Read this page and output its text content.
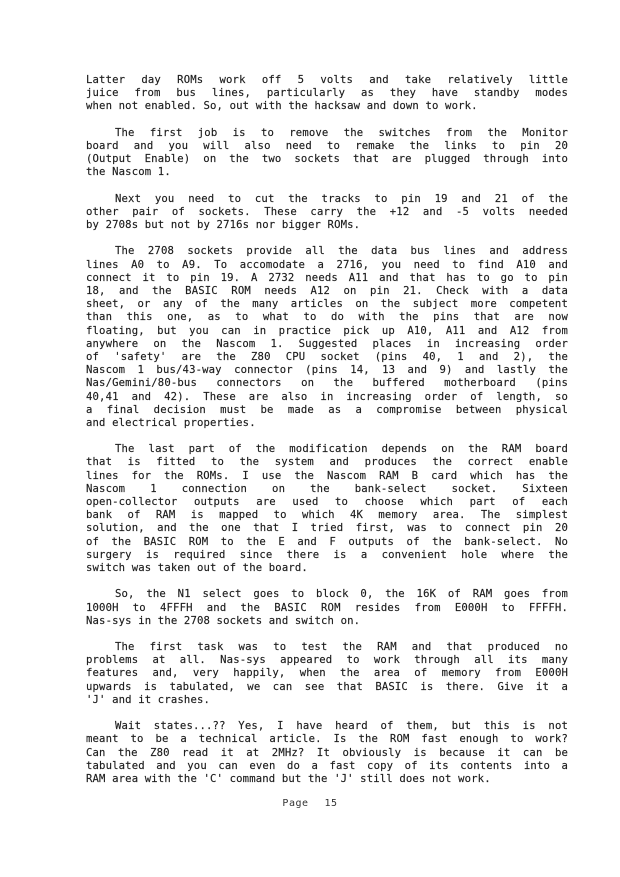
Latter day ROMs work off 5 volts and take relatively little
juice from bus lines, particularly as they have standby modes
when not enabled. So, out with the hacksaw and down to work.
The first job is to remove the switches from the Monitor
board and you will also need to remake the links to pin 20
(Output Enable) on the two sockets that are plugged through into
the Nascom 1.
Next you need to cut the tracks to pin 19 and 21 of the
other pair of sockets. These carry the +12 and -5 volts needed
by 2708s but not by 2716s nor bigger ROMs.
The 2708 sockets provide all the data bus lines and address
lines A0 to A9. To accomodate a 2716, you need to find A10 and
connect it to pin 19. A 2732 needs A11 and that has to go to pin
18, and the BASIC ROM needs A12 on pin 21. Check with a data
sheet, or any of the many articles on the subject more competent
than this one, as to what to do with the pins that are now
floating, but you can in practice pick up A10, A11 and A12 from
anywhere on the Nascom 1. Suggested places in increasing order
of 'safety' are the Z80 CPU socket (pins 40, 1 and 2), the
Nascom 1 bus/43-way connector (pins 14, 13 and 9) and lastly the
Nas/Gemini/80-bus connectors on the buffered motherboard (pins
40,41 and 42). These are also in increasing order of length, so
a final decision must be made as a compromise between physical
and electrical properties.
The last part of the modification depends on the RAM board
that is fitted to the system and produces the correct enable
lines for the ROMs. I use the Nascom RAM B card which has the
Nascom 1 connection on the bank-select socket. Sixteen
open-collector outputs are used to choose which part of each
bank of RAM is mapped to which 4K memory area. The simplest
solution, and the one that I tried first, was to connect pin 20
of the BASIC ROM to the E and F outputs of the bank-select. No
surgery is required since there is a convenient hole where the
switch was taken out of the board.
So, the N1 select goes to block 0, the 16K of RAM goes from
1000H to 4FFFH and the BASIC ROM resides from E000H to FFFFH.
Nas-sys in the 2708 sockets and switch on.
The first task was to test the RAM and that produced no
problems at all. Nas-sys appeared to work through all its many
features and, very happily, when the area of memory from E000H
upwards is tabulated, we can see that BASIC is there. Give it a
'J' and it crashes.
Wait states...?? Yes, I have heard of them, but this is not
meant to be a technical article. Is the ROM fast enough to work?
Can the Z80 read it at 2MHz? It obviously is because it can be
tabulated and you can even do a fast copy of its contents into a
RAM area with the 'C' command but the 'J' still does not work.
Page 15
